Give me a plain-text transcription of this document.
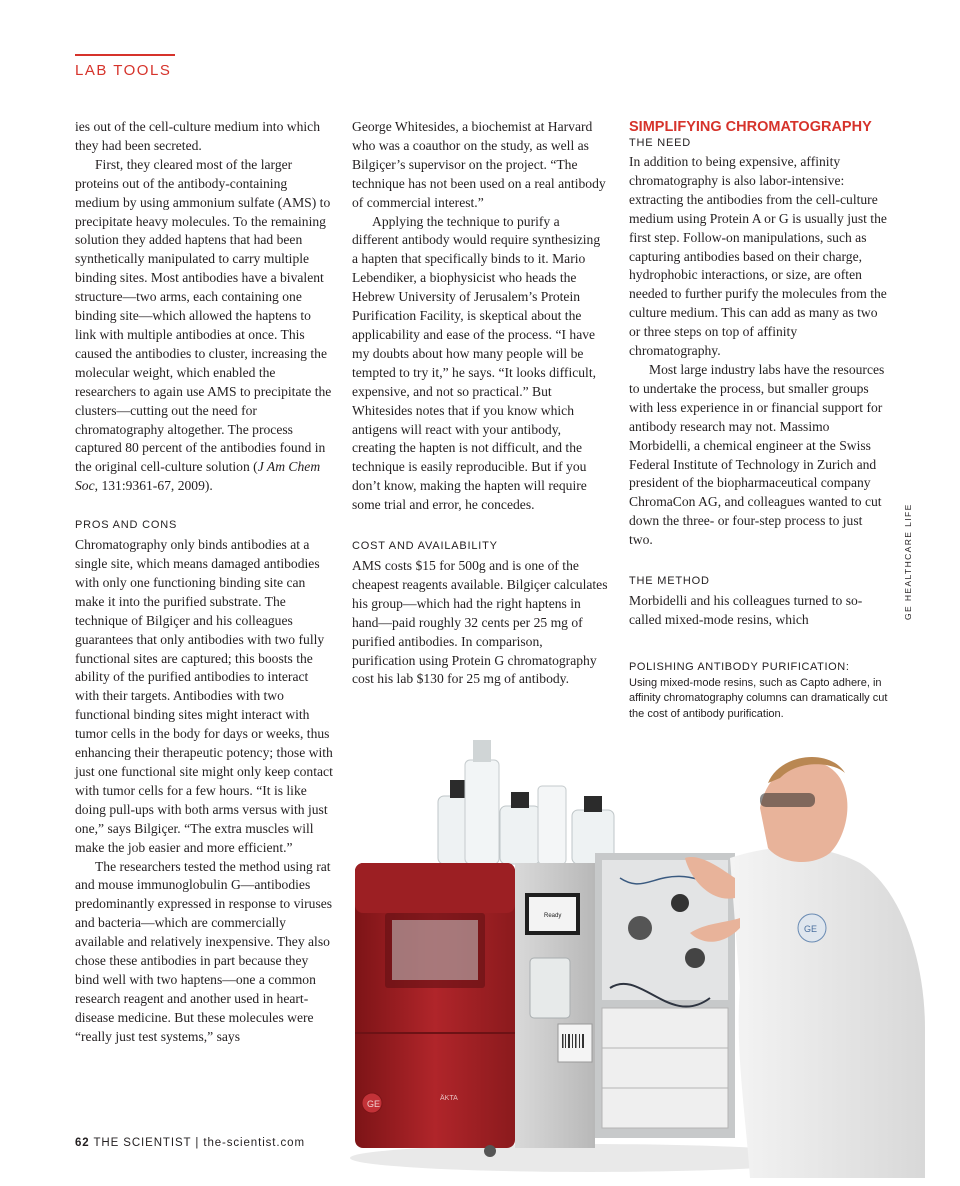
LAB TOOLS

ies out of the cell-culture medium into which they had been secreted.

First, they cleared most of the larger proteins out of the antibody-containing medium by using ammonium sulfate (AMS) to precipitate heavy molecules. To the remaining solution they added haptens that had been synthetically manipulated to carry multiple binding sites. Most antibodies have a bivalent structure—two arms, each containing one binding site—which allowed the haptens to link with multiple antibodies at once. This caused the antibodies to cluster, increasing the molecular weight, which enabled the researchers to again use AMS to precipitate the clusters—cutting out the need for chromatography altogether. The process captured 80 percent of the antibodies found in the original cell-culture solution (J Am Chem Soc, 131:9361-67, 2009).

PROS AND CONS

Chromatography only binds antibodies at a single site, which means damaged antibodies with only one functioning binding site can make it into the purified substrate. The technique of Bilgiçer and his colleagues guarantees that only antibodies with two fully functional sites are captured; this boosts the ability of the purified antibodies to interact with their targets. Antibodies with two functional binding sites might interact with tumor cells in the body for days or weeks, thus enhancing their therapeutic potency; those with just one functional site might only keep contact with tumor cells for a few hours. “It is like doing pull-ups with both arms versus with just one,” says Bilgiçer. “The extra muscles will make the job easier and more efficient.”

The researchers tested the method using rat and mouse immunoglobulin G—antibodies predominantly expressed in response to viruses and bacteria—which are commercially available and relatively inexpensive. They also chose these antibodies in part because they bind well with two haptens—one a common research reagent and another used in heart-disease medicine. But these molecules were “really just test systems,” says

George Whitesides, a biochemist at Harvard who was a coauthor on the study, as well as Bilgiçer’s supervisor on the project. “The technique has not been used on a real antibody of commercial interest.”

Applying the technique to purify a different antibody would require synthesizing a hapten that specifically binds to it. Mario Lebendiker, a biophysicist who heads the Hebrew University of Jerusalem’s Protein Purification Facility, is skeptical about the applicability and ease of the process. “I have my doubts about how many people will be tempted to try it,” he says. “It looks difficult, expensive, and not so practical.” But Whitesides notes that if you know which antigens will react with your antibody, creating the hapten is not difficult, and the technique is easily reproducible. But if you don’t know, making the hapten will require some trial and error, he concedes.

COST AND AVAILABILITY

AMS costs $15 for 500g and is one of the cheapest reagents available. Bilgiçer calculates his group—which had the right haptens in hand—paid roughly 32 cents per 25 mg of purified antibodies. In comparison, purification using Protein G chromatography cost his lab $130 for 25 mg of antibody.

SIMPLIFYING CHROMATOGRAPHY

THE NEED

In addition to being expensive, affinity chromatography is also labor-intensive: extracting the antibodies from the cell-culture medium using Protein A or G is usually just the first step. Follow-on manipulations, such as capturing antibodies based on their charge, hydrophobic interactions, or size, are often needed to further purify the molecules from the culture medium. This can add as many as two or three steps on top of affinity chromatography.

Most large industry labs have the resources to undertake the process, but smaller groups with less experience in or financial support for antibody research may not. Massimo Morbidelli, a chemical engineer at the Swiss Federal Institute of Technology in Zurich and president of the biopharmaceutical company ChromaCon AG, and colleagues wanted to cut down the three- or four-step process to just two.

THE METHOD

Morbidelli and his colleagues turned to so-called mixed-mode resins, which

POLISHING ANTIBODY PURIFICATION:
Using mixed-mode resins, such as Capto adhere, in affinity chromatography columns can dramatically cut the cost of antibody purification.
GE HEALTHCARE LIFE
GE
ÄKTA
Ready
GE
62 THE SCIENTIST | the-scientist.com
